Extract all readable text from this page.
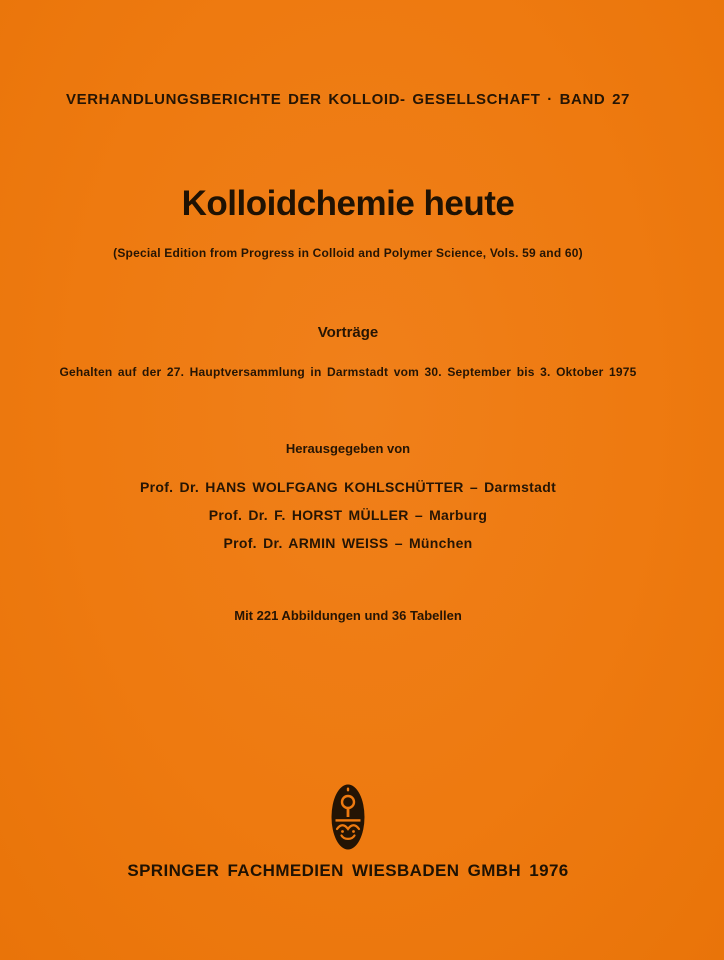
VERHANDLUNGSBERICHTE DER KOLLOID- GESELLSCHAFT · BAND 27
Kolloidchemie heute
(Special Edition from Progress in Colloid and Polymer Science, Vols. 59 and 60)
Vorträge
Gehalten auf der 27. Hauptversammlung in Darmstadt vom 30. September bis 3. Oktober 1975
Herausgegeben von
Prof. Dr. HANS WOLFGANG KOHLSCHÜTTER – Darmstadt
Prof. Dr. F. HORST MÜLLER – Marburg
Prof. Dr. ARMIN WEISS – München
Mit 221 Abbildungen und 36 Tabellen
SPRINGER FACHMEDIEN WIESBADEN GMBH 1976
